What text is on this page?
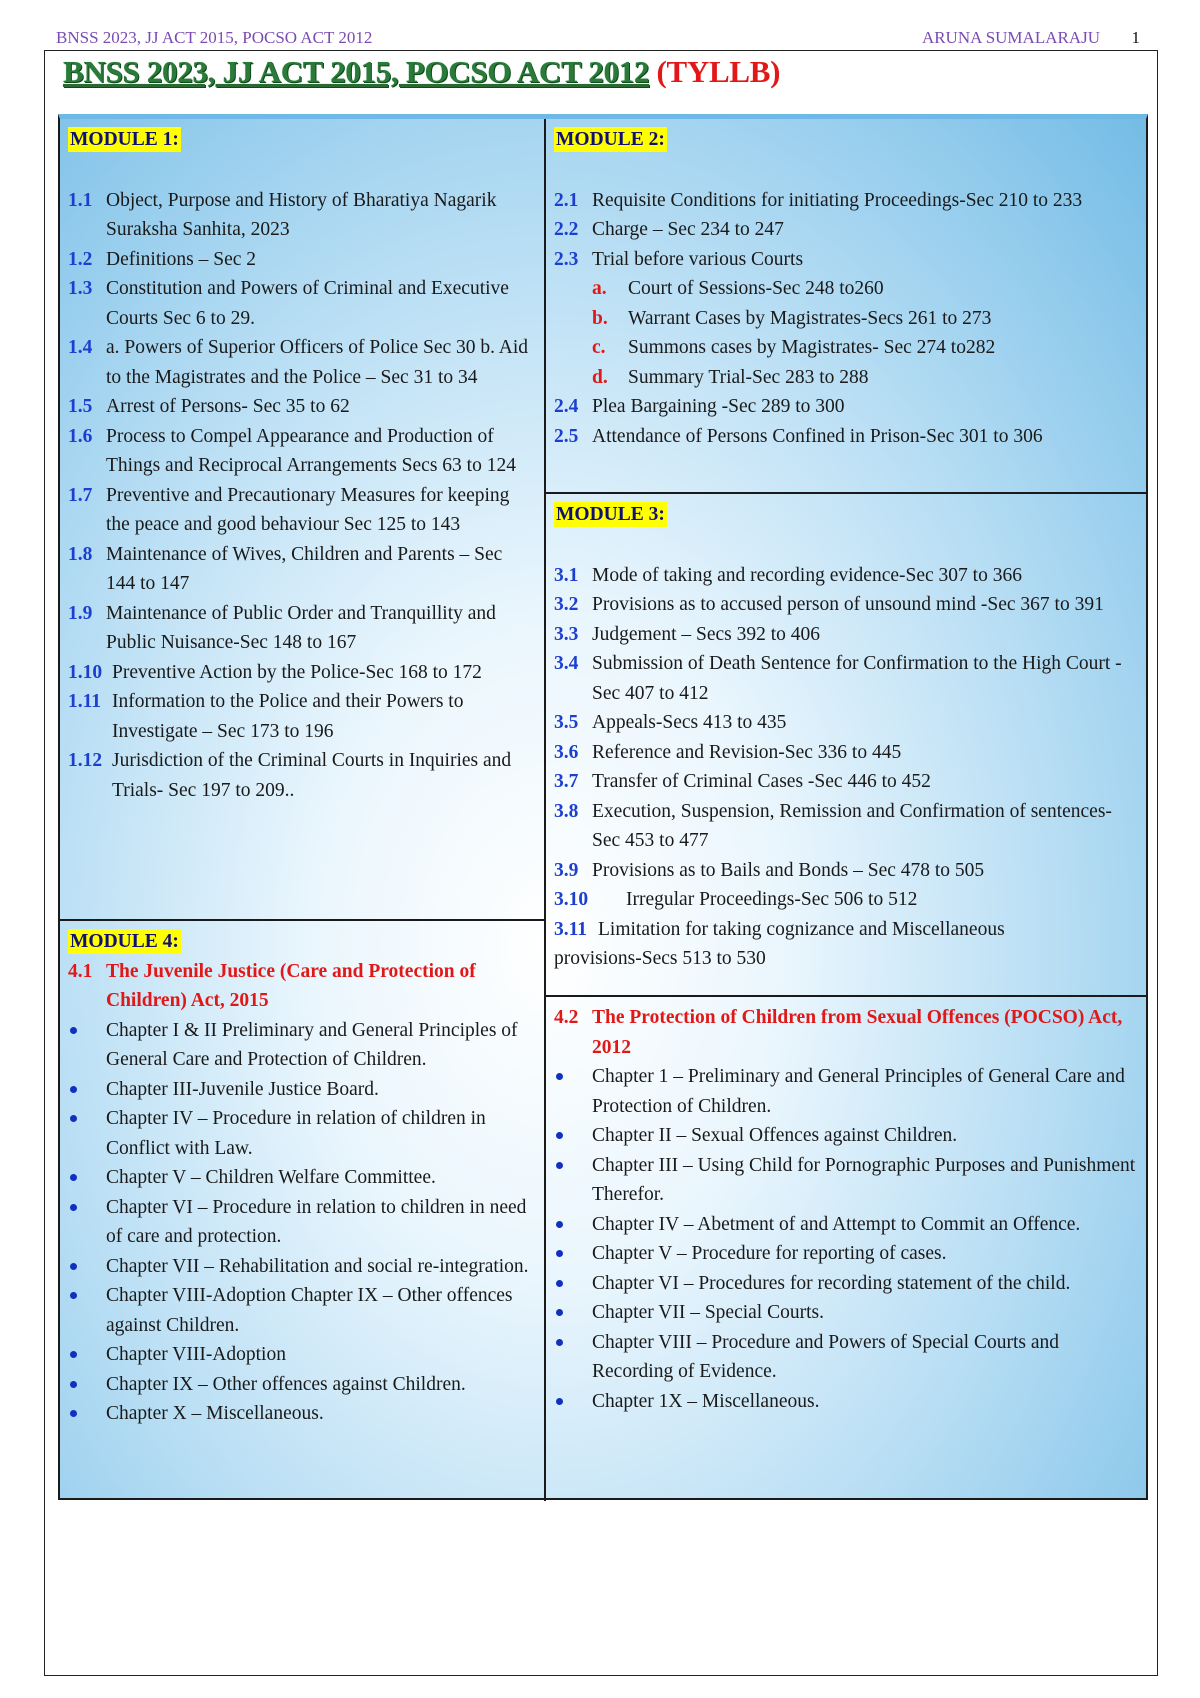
BNSS 2023, JJ ACT 2015, POCSO ACT 2012	ARUNA SUMALARAJU 1
BNSS 2023, JJ ACT 2015, POCSO ACT 2012 (TYLLB)
MODULE 1:
1.1 Object, Purpose and History of Bharatiya Nagarik Suraksha Sanhita, 2023
1.2 Definitions – Sec 2
1.3 Constitution and Powers of Criminal and Executive Courts Sec 6 to 29.
1.4 a. Powers of Superior Officers of Police Sec 30 b. Aid to the Magistrates and the Police – Sec 31 to 34
1.5 Arrest of Persons- Sec 35 to 62
1.6 Process to Compel Appearance and Production of Things and Reciprocal Arrangements Secs 63 to 124
1.7 Preventive and Precautionary Measures for keeping the peace and good behaviour Sec 125 to 143
1.8 Maintenance of Wives, Children and Parents – Sec 144 to 147
1.9 Maintenance of Public Order and Tranquillity and Public Nuisance-Sec 148 to 167
1.10 Preventive Action by the Police-Sec 168 to 172
1.11 Information to the Police and their Powers to Investigate – Sec 173 to 196
1.12 Jurisdiction of the Criminal Courts in Inquiries and Trials- Sec 197 to 209..
MODULE 4:
4.1 The Juvenile Justice (Care and Protection of Children) Act, 2015
Chapter I & II Preliminary and General Principles of General Care and Protection of Children.
Chapter III-Juvenile Justice Board.
Chapter IV – Procedure in relation of children in Conflict with Law.
Chapter V – Children Welfare Committee.
Chapter VI – Procedure in relation to children in need of care and protection.
Chapter VII – Rehabilitation and social re-integration.
Chapter VIII-Adoption Chapter IX – Other offences against Children.
Chapter VIII-Adoption
Chapter IX – Other offences against Children.
Chapter X – Miscellaneous.
MODULE 2:
2.1 Requisite Conditions for initiating Proceedings-Sec 210 to 233
2.2 Charge – Sec 234 to 247
2.3 Trial before various Courts
a. Court of Sessions-Sec 248 to260
b. Warrant Cases by Magistrates-Secs 261 to 273
c. Summons cases by Magistrates- Sec 274 to282
d. Summary Trial-Sec 283 to 288
2.4 Plea Bargaining -Sec 289 to 300
2.5 Attendance of Persons Confined in Prison-Sec 301 to 306
MODULE 3:
3.1 Mode of taking and recording evidence-Sec 307 to 366
3.2 Provisions as to accused person of unsound mind -Sec 367 to 391
3.3 Judgement – Secs 392 to 406
3.4 Submission of Death Sentence for Confirmation to the High Court -Sec 407 to 412
3.5 Appeals-Secs 413 to 435
3.6 Reference and Revision-Sec 336 to 445
3.7 Transfer of Criminal Cases -Sec 446 to 452
3.8 Execution, Suspension, Remission and Confirmation of sentences-Sec 453 to 477
3.9 Provisions as to Bails and Bonds – Sec 478 to 505
3.10 Irregular Proceedings-Sec 506 to 512
3.11 Limitation for taking cognizance and Miscellaneous
provisions-Secs 513 to 530
4.2 The Protection of Children from Sexual Offences (POCSO) Act, 2012
Chapter 1 – Preliminary and General Principles of General Care and Protection of Children.
Chapter II – Sexual Offences against Children.
Chapter III – Using Child for Pornographic Purposes and Punishment Therefor.
Chapter IV – Abetment of and Attempt to Commit an Offence.
Chapter V – Procedure for reporting of cases.
Chapter VI – Procedures for recording statement of the child.
Chapter VII – Special Courts.
Chapter VIII – Procedure and Powers of Special Courts and Recording of Evidence.
Chapter 1X – Miscellaneous.
